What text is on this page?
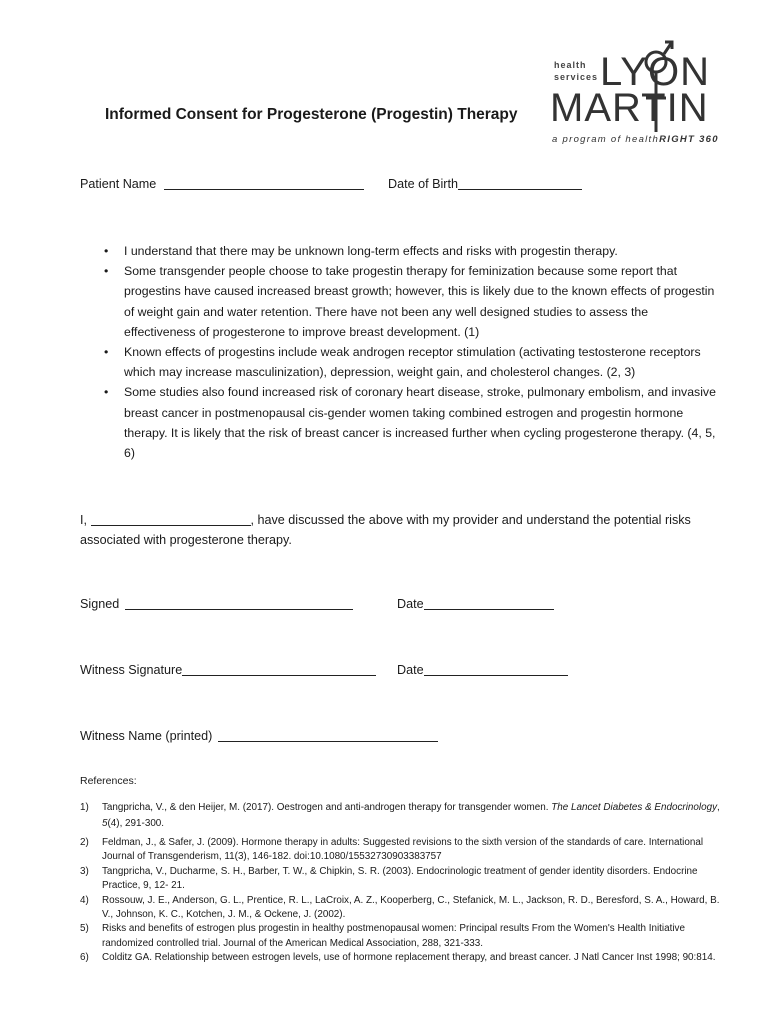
Informed Consent for Progesterone (Progestin) Therapy
health
services LYON
MARTIN
a program of healthRIGHT 360
Patient Name	Date of Birth
• I understand that there may be unknown long-term effects and risks with progestin therapy.
• Some transgender people choose to take progestin therapy for feminization because some report that progestins have caused increased breast growth; however, this is likely due to the known effects of progestin of weight gain and water retention. There have not been any well designed studies to assess the effectiveness of progesterone to improve breast development. (1)
• Known effects of progestins include weak androgen receptor stimulation (activating testosterone receptors which may increase masculinization), depression, weight gain, and cholesterol changes. (2, 3)
• Some studies also found increased risk of coronary heart disease, stroke, pulmonary embolism, and invasive breast cancer in postmenopausal cis-gender women taking combined estrogen and progestin hormone therapy. It is likely that the risk of breast cancer is increased further when cycling progesterone therapy. (4, 5, 6)
I,	, have discussed the above with my provider and understand the potential risks associated with progesterone therapy.
Signed	Date
Witness Signature	Date
Witness Name (printed)
References:
1) Tangpricha, V., & den Heijer, M. (2017). Oestrogen and anti-androgen therapy for transgender women. The Lancet Diabetes & Endocrinology, 5(4), 291-300.
2) Feldman, J., & Safer, J. (2009). Hormone therapy in adults: Suggested revisions to the sixth version of the standards of care. International Journal of Transgenderism, 11(3), 146-182. doi:10.1080/15532730903383757
3) Tangpricha, V., Ducharme, S. H., Barber, T. W., & Chipkin, S. R. (2003). Endocrinologic treatment of gender identity disorders. Endocrine Practice, 9, 12- 21.
4) Rossouw, J. E., Anderson, G. L., Prentice, R. L., LaCroix, A. Z., Kooperberg, C., Stefanick, M. L., Jackson, R. D., Beresford, S. A., Howard, B. V., Johnson, K. C., Kotchen, J. M., & Ockene, J. (2002).
5) Risks and benefits of estrogen plus progestin in healthy postmenopausal women: Principal results From the Women's Health Initiative randomized controlled trial. Journal of the American Medical Association, 288, 321-333.
6) Colditz GA. Relationship between estrogen levels, use of hormone replacement therapy, and breast cancer. J Natl Cancer Inst 1998; 90:814.
